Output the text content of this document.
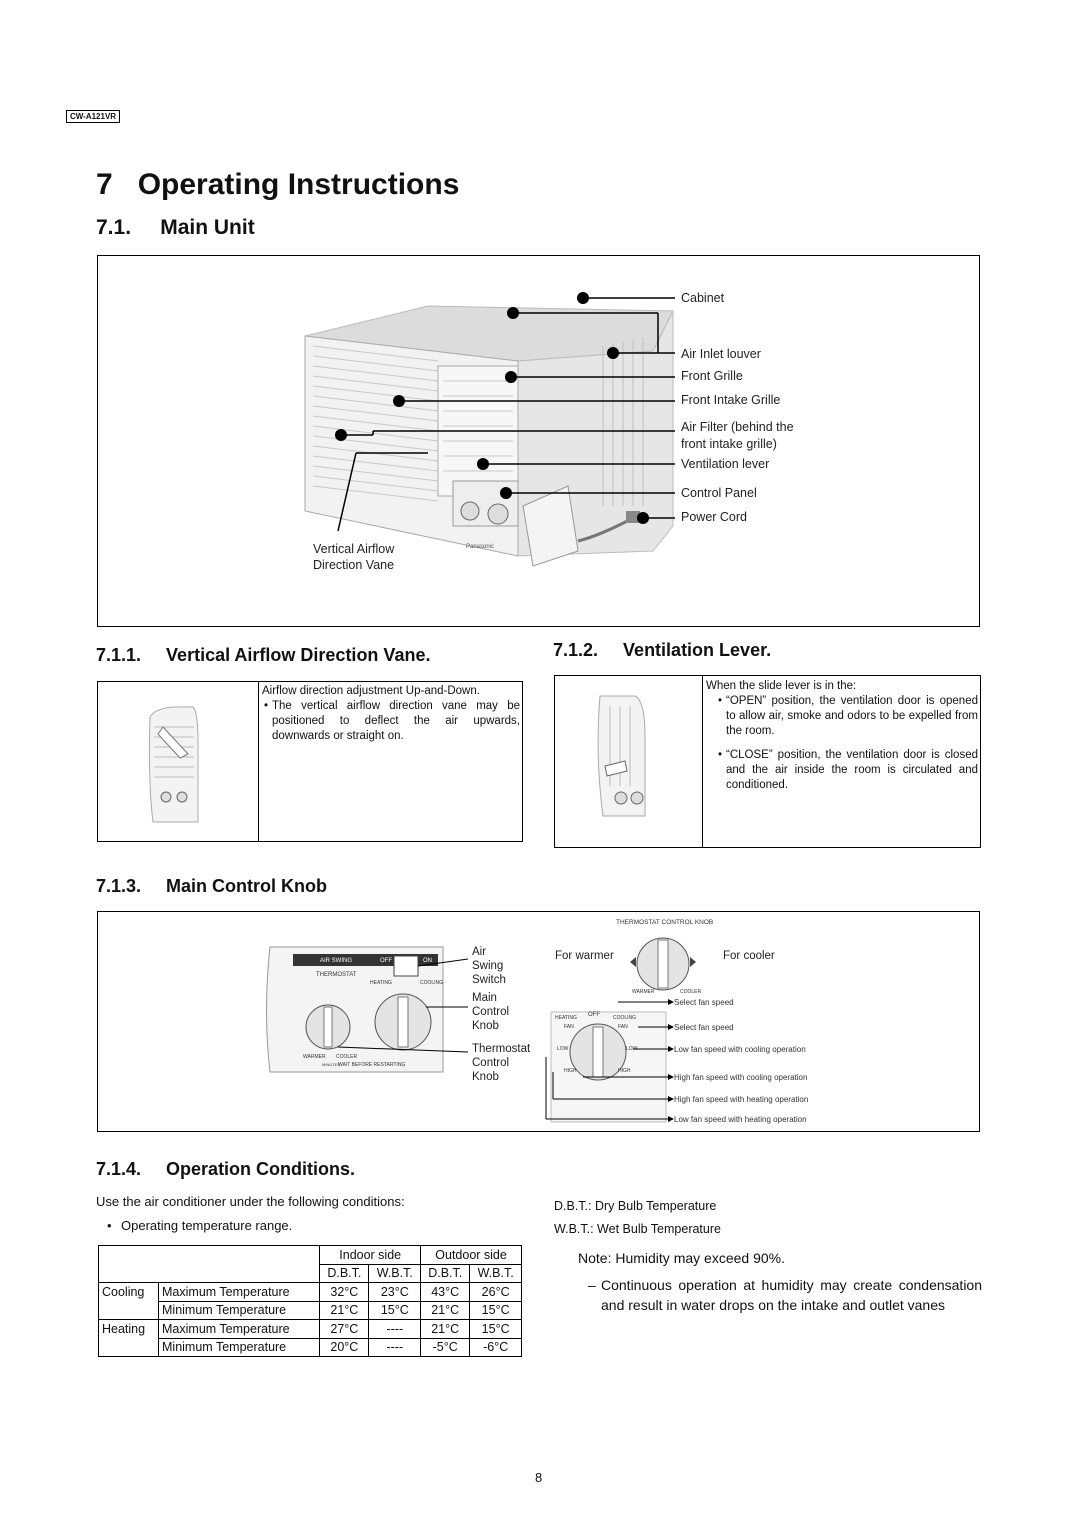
CW-A121VR
7   Operating Instructions
7.1.     Main Unit
Panasonic
Cabinet
Air Inlet louver
Front Grille
Front Intake Grille
Air Filter (behind the
front intake grille)
Ventilation lever
Control Panel
Power Cord
Vertical Airflow
Direction Vane
7.1.1.     Vertical Airflow Direction Vane.
Airflow direction adjustment Up-and-Down.
• The vertical airflow direction vane may be positioned to deflect the air upwards, downwards or straight on.
7.1.2.     Ventilation Lever.
When the slide lever is in the:
• “OPEN” position, the ventilation door is opened to allow air, smoke and odors to be expelled from the room.
• “CLOSE” position, the ventilation door is closed and the air inside the room is circulated and conditioned.
7.1.3.     Main Control Knob
AIR SWING	OFF	ON
THERMOSTAT
HEATING	COOLING
WARMER COOLER
WAIT BEFORE RESTARTING
MINUTES
Air
Swing
Switch
Main
Control
Knob
Thermostat
Control
Knob
THERMOSTAT CONTROL KNOB
For warmer	For cooler
WARMER	COOLER
HEATING OFF	COOLING
FAN	FAN
LOW	LOW
HIGH	HIGH
Select fan speed
Select fan speed
Low fan speed with cooling operation
High fan speed with cooling operation
High fan speed with heating operation
Low fan speed with heating operation
7.1.4.     Operation Conditions.
Use the air conditioner under the following conditions:
• Operating temperature range.
		Indoor side		Outdoor side	
		D.B.T.	W.B.T.	D.B.T.	W.B.T.
Cooling	Maximum Temperature	32°C	23°C	43°C	26°C
	Minimum Temperature	21°C	15°C	21°C	15°C
Heating	Maximum Temperature	27°C	----	21°C	15°C
	Minimum Temperature	20°C	----	-5°C	-6°C
D.B.T.: Dry Bulb Temperature
W.B.T.: Wet Bulb Temperature
Note: Humidity may exceed 90%.
– Continuous operation at humidity may create condensation and result in water drops on the intake and outlet vanes
8
